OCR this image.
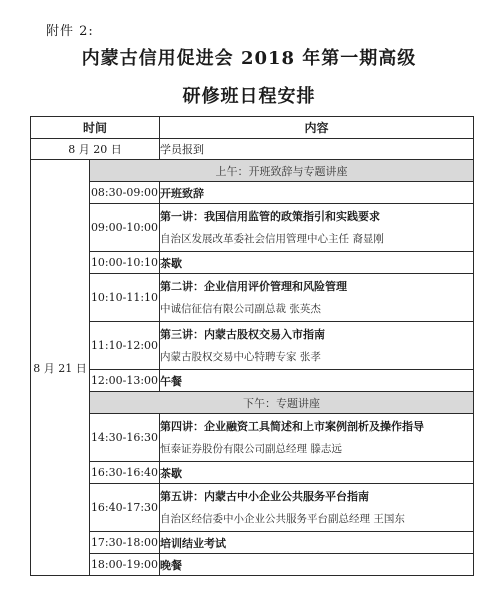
附件 2:
内蒙古信用促进会 2018 年第一期高级
研修班日程安排
时间		内容
8 月 20 日		学员报到
8 月 21 日	上午：开班致辞与专题讲座	
	08:30-09:00	开班致辞
	09:00-10:00	第一讲：我国信用监管的政策指引和实践要求
自治区发展改革委社会信用管理中心主任 裔显刚

	10:00-10:10	茶歇
	10:10-11:10	第二讲：企业信用评价管理和风险管理
中诚信征信有限公司副总裁 张英杰

	11:10-12:00	第三讲：内蒙古股权交易入市指南
内蒙古股权交易中心特聘专家 张孝

	12:00-13:00	午餐
	下午：专题讲座	
	14:30-16:30	第四讲：企业融资工具简述和上市案例剖析及操作指导
恒泰证券股份有限公司副总经理 滕志远

	16:30-16:40	茶歇
	16:40-17:30	第五讲：内蒙古中小企业公共服务平台指南
自治区经信委中小企业公共服务平台副总经理 王国东

	17:30-18:00	培训结业考试
	18:00-19:00	晚餐
